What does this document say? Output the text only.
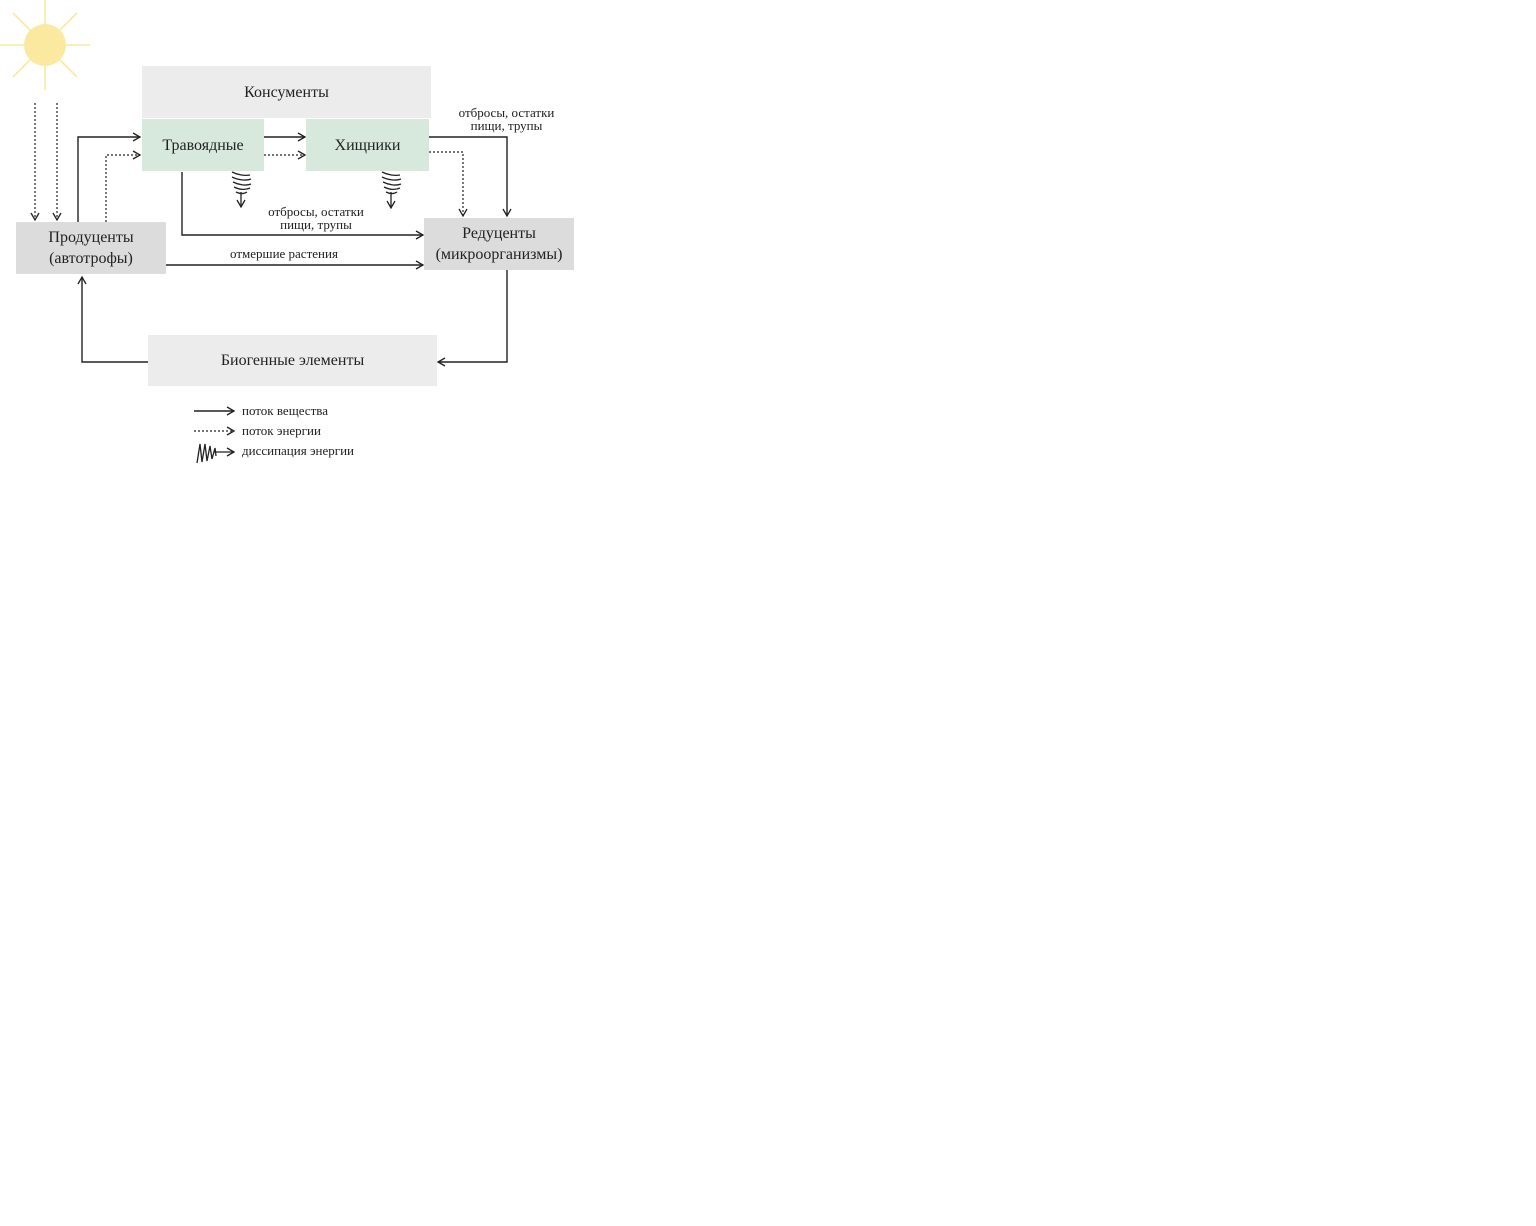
Консументы
Травоядные	Хищники
Продуценты
(автотрофы)
Редуценты
(микроорганизмы)
Биогенные элементы
отбросы, остатки
пищи, трупы
отбросы, остатки
пищи, трупы
отмершие растения
поток вещества
поток энергии
диссипация энергии
